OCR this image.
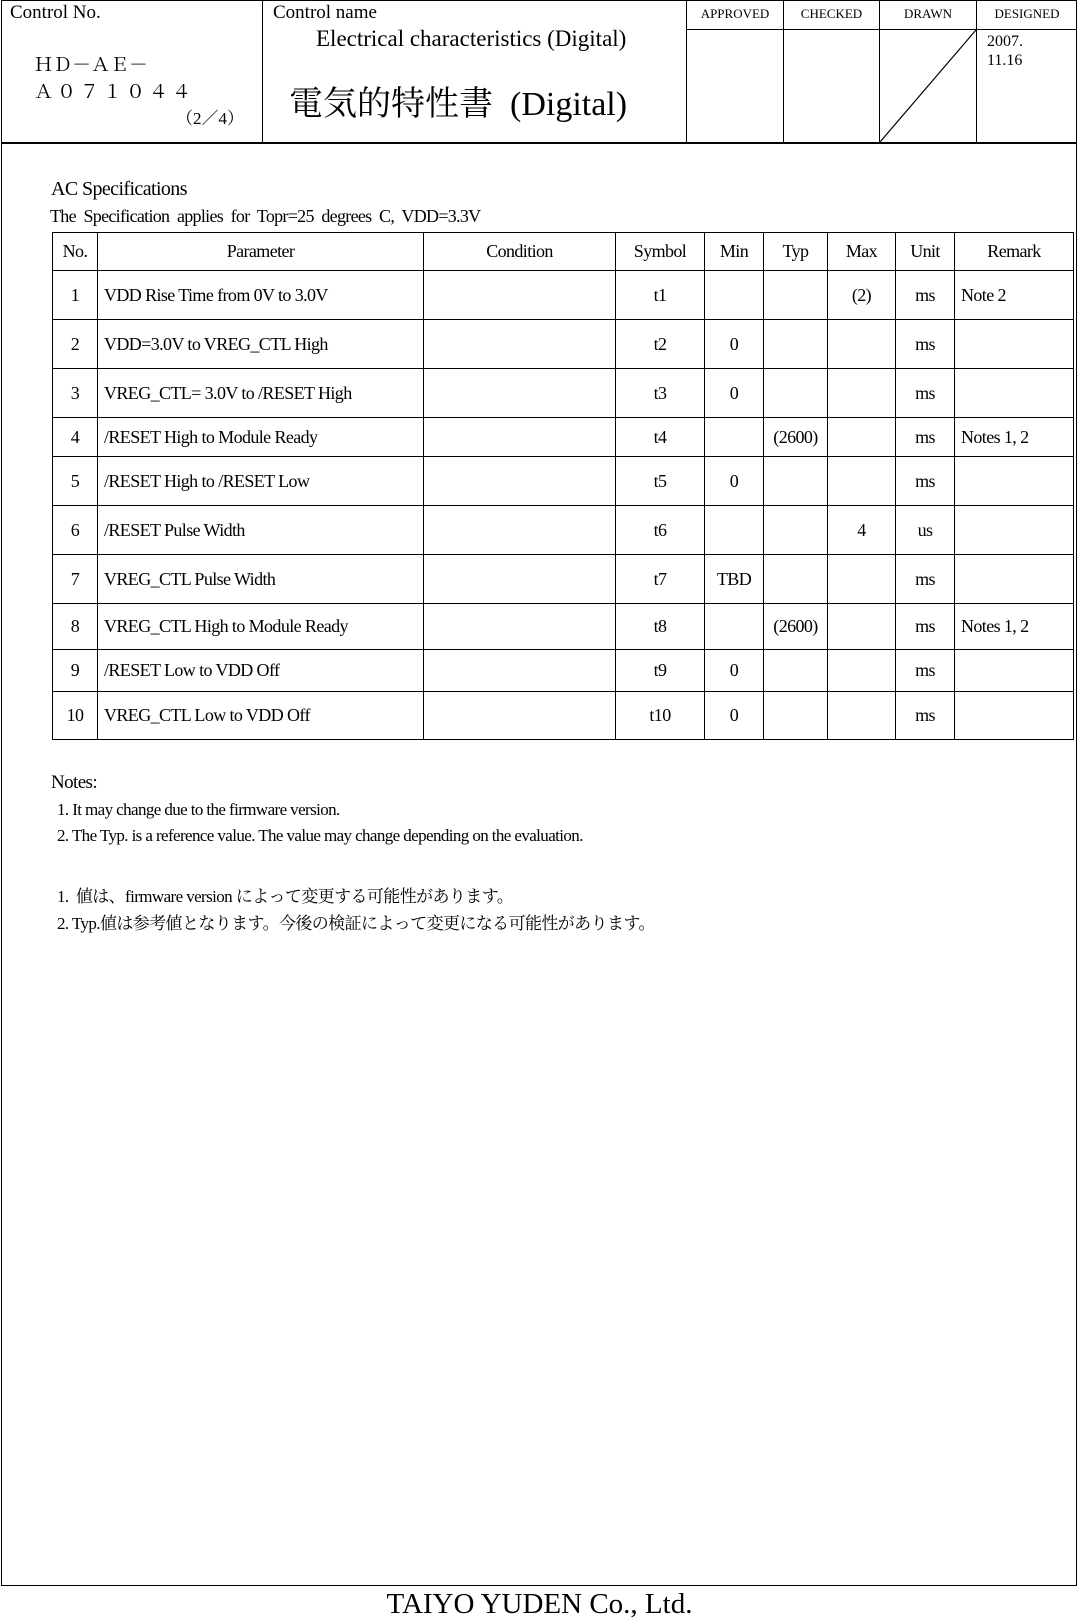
Control No.
ＨＤ－ＡＥ－
Ａ０７１０４４
（2／4）
Control name
Electrical characteristics (Digital)
電気的特性書  (Digital)
APPROVED	CHECKED	DRAWN	DESIGNED
2007.
11.16
AC Specifications
The  Specification  applies  for  Topr=25  degrees  C,  VDD=3.3V
No.	Parameter	Condition	Symbol	Min	Typ	Max	Unit	Remark
1	VDD Rise Time from 0V to 3.0V		t1			(2)	ms	Note 2
2	VDD=3.0V to VREG_CTL High		t2	0			ms	
3	VREG_CTL= 3.0V to /RESET High		t3	0			ms	
4	/RESET High to Module Ready		t4		(2600)		ms	Notes 1, 2
5	/RESET High to /RESET Low		t5	0			ms	
6	/RESET Pulse Width		t6			4	us	
7	VREG_CTL Pulse Width		t7	TBD			ms	
8	VREG_CTL High to Module Ready		t8		(2600)		ms	Notes 1, 2
9	/RESET Low to VDD Off		t9	0			ms	
10	VREG_CTL Low to VDD Off		t10	0			ms	
Notes:
1. It may change due to the firmware version.
2. The Typ. is a reference value. The value may change depending on the evaluation.
1.  値は、firmware version によって変更する可能性があります。
2. Typ.値は参考値となります。今後の検証によって変更になる可能性があります。
TAIYO YUDEN Co., Ltd.
